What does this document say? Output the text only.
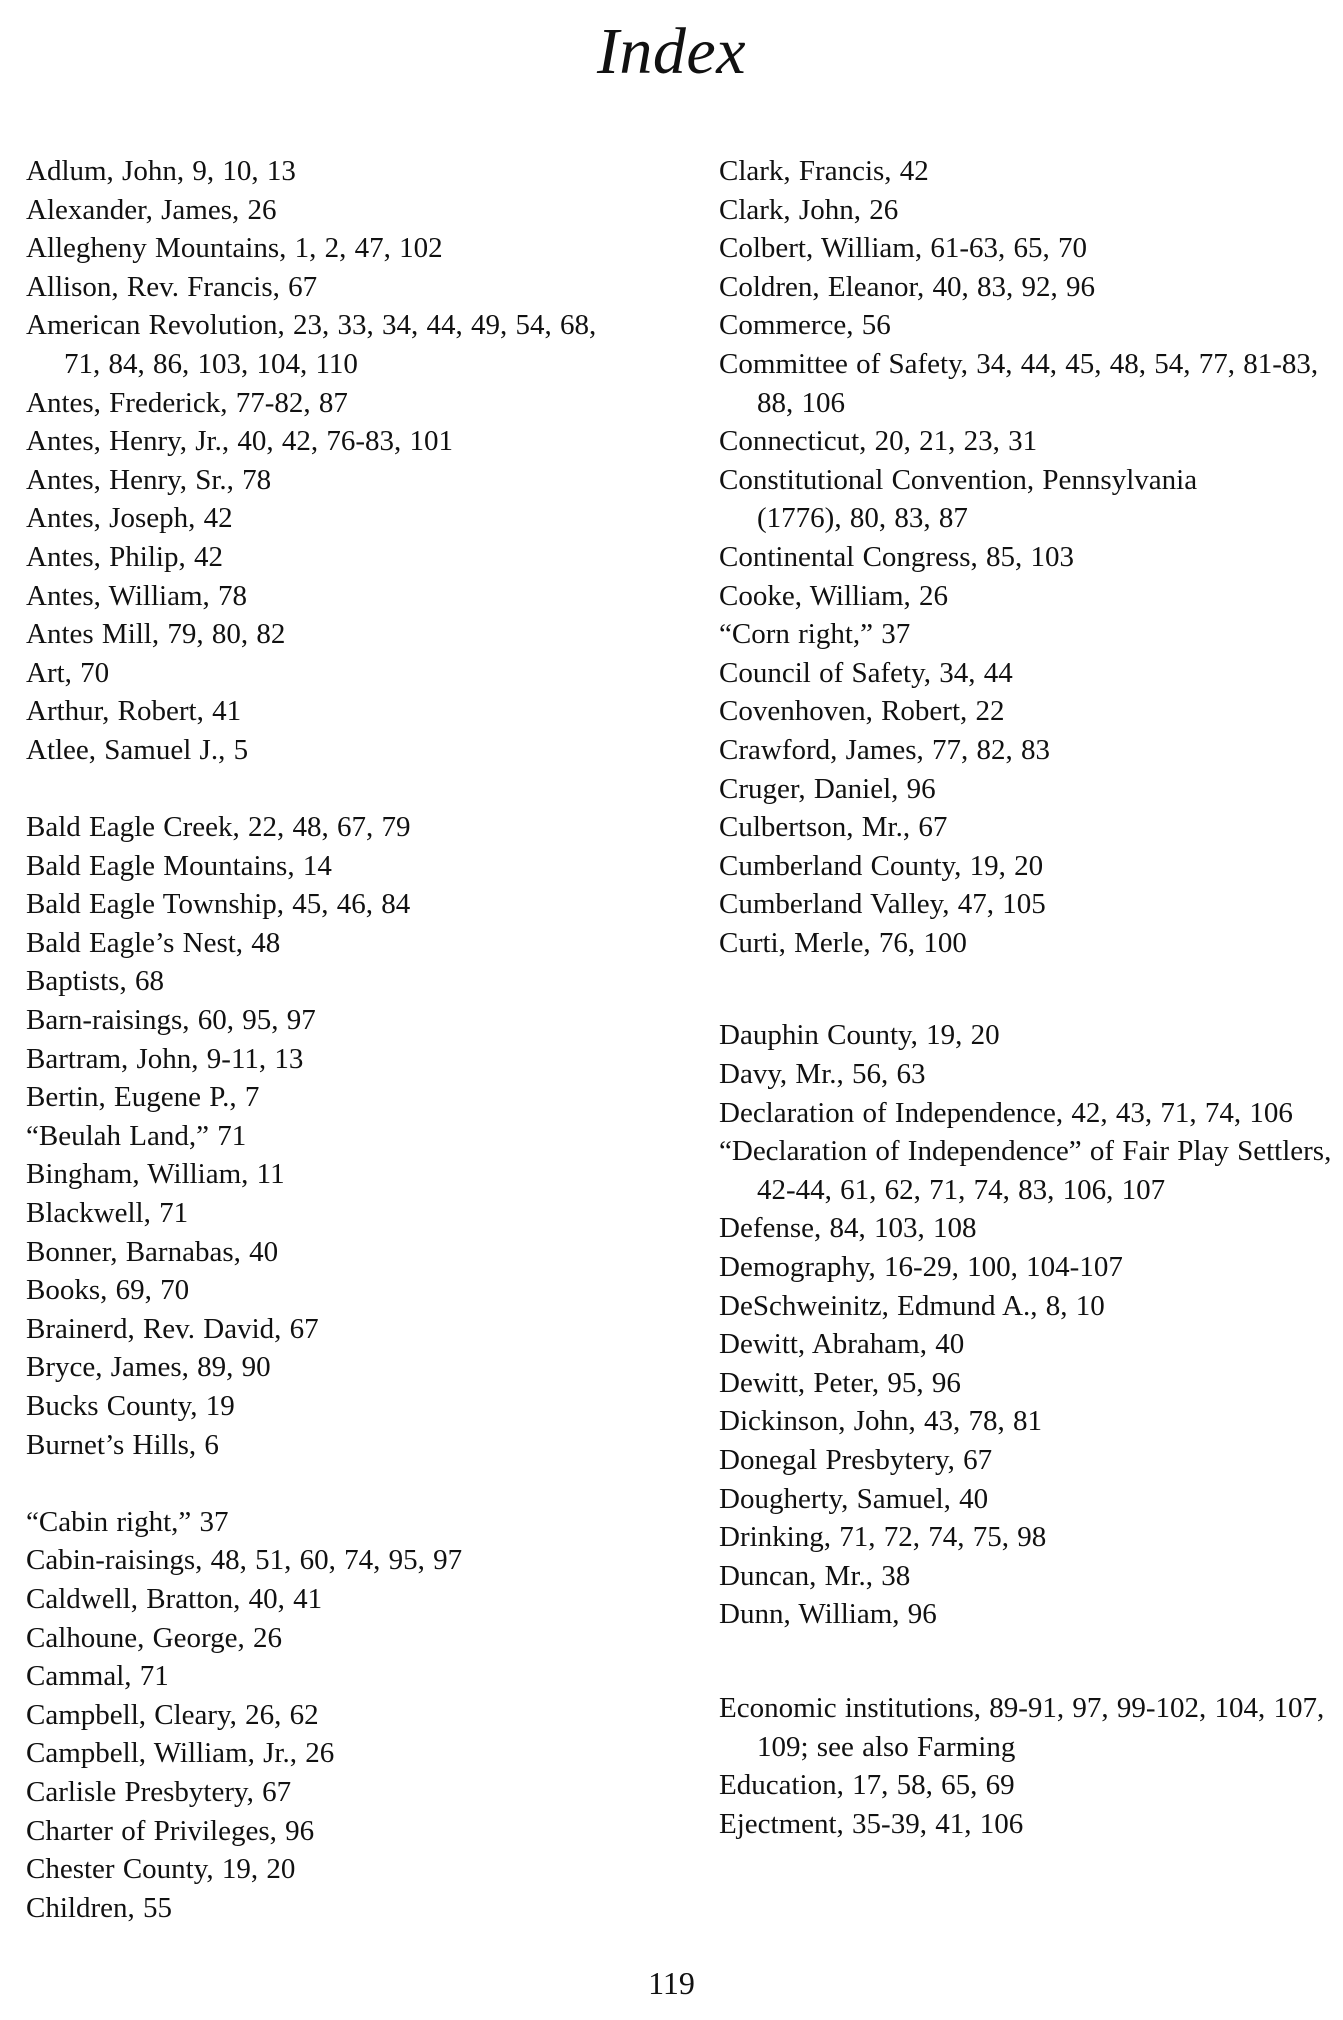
Index
Adlum, John, 9, 10, 13
Alexander, James, 26
Allegheny Mountains, 1, 2, 47, 102
Allison, Rev. Francis, 67
American Revolution, 23, 33, 34, 44, 49, 54, 68, 71, 84, 86, 103, 104, 110
Antes, Frederick, 77-82, 87
Antes, Henry, Jr., 40, 42, 76-83, 101
Antes, Henry, Sr., 78
Antes, Joseph, 42
Antes, Philip, 42
Antes, William, 78
Antes Mill, 79, 80, 82
Art, 70
Arthur, Robert, 41
Atlee, Samuel J., 5
Bald Eagle Creek, 22, 48, 67, 79
Bald Eagle Mountains, 14
Bald Eagle Township, 45, 46, 84
Bald Eagle’s Nest, 48
Baptists, 68
Barn-raisings, 60, 95, 97
Bartram, John, 9-11, 13
Bertin, Eugene P., 7
“Beulah Land,” 71
Bingham, William, 11
Blackwell, 71
Bonner, Barnabas, 40
Books, 69, 70
Brainerd, Rev. David, 67
Bryce, James, 89, 90
Bucks County, 19
Burnet’s Hills, 6
“Cabin right,” 37
Cabin-raisings, 48, 51, 60, 74, 95, 97
Caldwell, Bratton, 40, 41
Calhoune, George, 26
Cammal, 71
Campbell, Cleary, 26, 62
Campbell, William, Jr., 26
Carlisle Presbytery, 67
Charter of Privileges, 96
Chester County, 19, 20
Children, 55
Clark, Francis, 42
Clark, John, 26
Colbert, William, 61-63, 65, 70
Coldren, Eleanor, 40, 83, 92, 96
Commerce, 56
Committee of Safety, 34, 44, 45, 48, 54, 77, 81-83, 88, 106
Connecticut, 20, 21, 23, 31
Constitutional Convention, Pennsylvania (1776), 80, 83, 87
Continental Congress, 85, 103
Cooke, William, 26
“Corn right,” 37
Council of Safety, 34, 44
Covenhoven, Robert, 22
Crawford, James, 77, 82, 83
Cruger, Daniel, 96
Culbertson, Mr., 67
Cumberland County, 19, 20
Cumberland Valley, 47, 105
Curti, Merle, 76, 100
Dauphin County, 19, 20
Davy, Mr., 56, 63
Declaration of Independence, 42, 43, 71, 74, 106
“Declaration of Independence” of Fair Play Settlers, 42-44, 61, 62, 71, 74, 83, 106, 107
Defense, 84, 103, 108
Demography, 16-29, 100, 104-107
DeSchweinitz, Edmund A., 8, 10
Dewitt, Abraham, 40
Dewitt, Peter, 95, 96
Dickinson, John, 43, 78, 81
Donegal Presbytery, 67
Dougherty, Samuel, 40
Drinking, 71, 72, 74, 75, 98
Duncan, Mr., 38
Dunn, William, 96
Economic institutions, 89-91, 97, 99-102, 104, 107, 109; see also Farming
Education, 17, 58, 65, 69
Ejectment, 35-39, 41, 106
119
